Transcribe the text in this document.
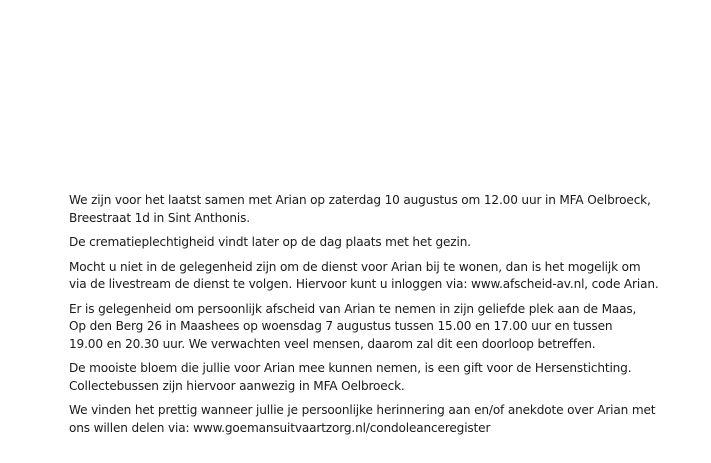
We zijn voor het laatst samen met Arian op zaterdag 10 augustus om 12.00 uur in MFA Oelbroeck,
Breestraat 1d in Sint Anthonis.

De crematieplechtigheid vindt later op de dag plaats met het gezin.

Mocht u niet in de gelegenheid zijn om de dienst voor Arian bij te wonen, dan is het mogelijk om
via de livestream de dienst te volgen. Hiervoor kunt u inloggen via: www.afscheid-av.nl, code Arian.

Er is gelegenheid om persoonlijk afscheid van Arian te nemen in zijn geliefde plek aan de Maas,
Op den Berg 26 in Maashees op woensdag 7 augustus tussen 15.00 en 17.00 uur en tussen
19.00 en 20.30 uur. We verwachten veel mensen, daarom zal dit een doorloop betreffen.

De mooiste bloem die jullie voor Arian mee kunnen nemen, is een gift voor de Hersenstichting.
Collectebussen zijn hiervoor aanwezig in MFA Oelbroeck.

We vinden het prettig wanneer jullie je persoonlijke herinnering aan en/of anekdote over Arian met
ons willen delen via: www.goemansuitvaartzorg.nl/condoleanceregister
